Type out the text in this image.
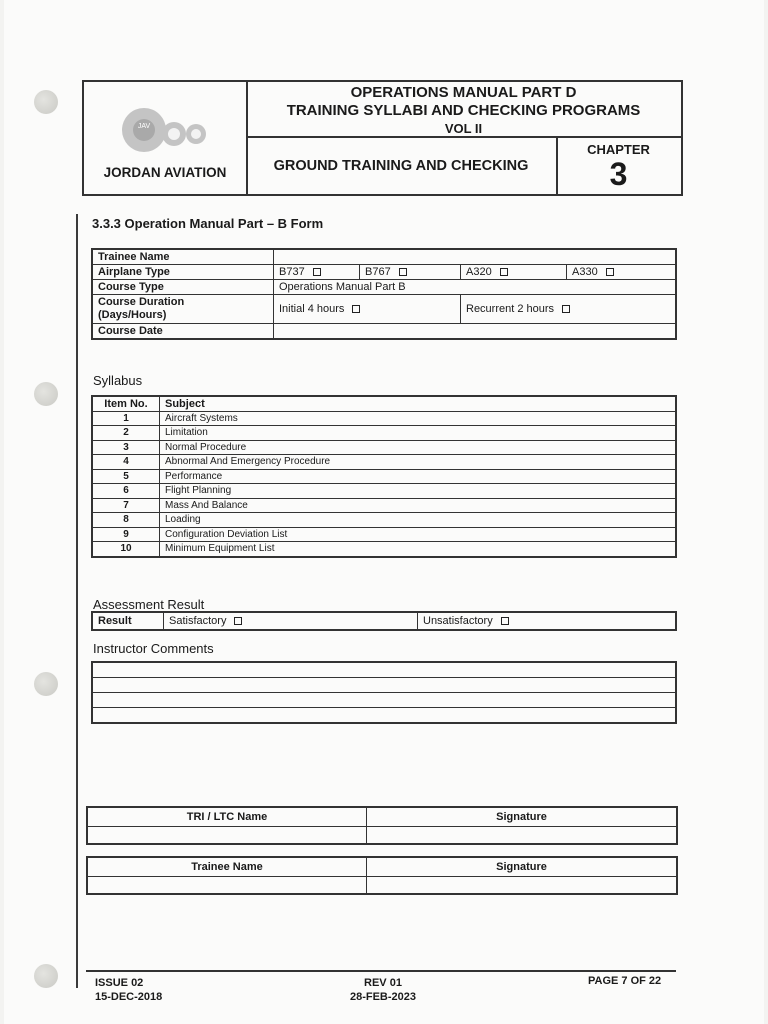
JAV
JORDAN AVIATION
OPERATIONS MANUAL PART D
TRAINING SYLLABI AND CHECKING PROGRAMS
VOL II
GROUND TRAINING AND CHECKING
CHAPTER
3
3.3.3 Operation Manual Part – B Form
Trainee Name				
Airplane Type	B737	B767	A320	A330
Course Type	Operations Manual Part B			

Course Duration
(Days/Hours)	Initial 4 hours		Recurrent 2 hours	
Course Date				
Syllabus
Item No.	Subject
1	Aircraft Systems
2	Limitation
3	Normal Procedure
4	Abnormal And Emergency Procedure
5	Performance
6	Flight Planning
7	Mass And Balance
8	Loading
9	Configuration Deviation List
10	Minimum Equipment List
Assessment Result
Result	Satisfactory	Unsatisfactory
Instructor Comments

TRI / LTC Name	Signature

Trainee Name	Signature

ISSUE 02
15-DEC-2018
REV 01
28-FEB-2023
PAGE 7 OF 22
